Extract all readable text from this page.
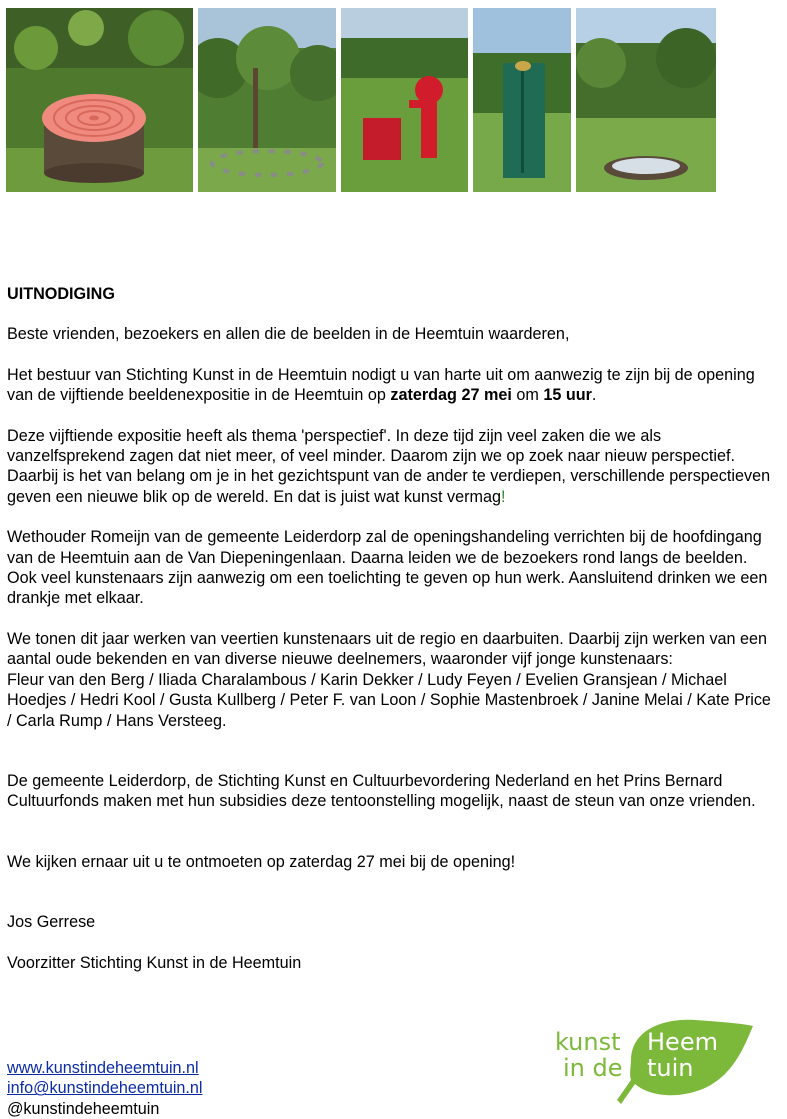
UITNODIGING

Beste vrienden, bezoekers en allen die de beelden in de Heemtuin waarderen,

Het bestuur van Stichting Kunst in de Heemtuin nodigt u van harte uit om aanwezig te zijn bij de opening van de vijftiende beeldenexpositie in de Heemtuin op zaterdag 27 mei om 15 uur.

Deze vijftiende expositie heeft als thema 'perspectief'. In deze tijd zijn veel zaken die we als vanzelfsprekend zagen dat niet meer, of veel minder. Daarom zijn we op zoek naar nieuw perspectief. Daarbij is het van belang om je in het gezichtspunt van de ander te verdiepen, verschillende perspectieven geven een nieuwe blik op de wereld. En dat is juist wat kunst vermag!

Wethouder Romeijn van de gemeente Leiderdorp zal de openingshandeling verrichten bij de hoofdingang van de Heemtuin aan de Van Diepeningenlaan. Daarna leiden we de bezoekers rond langs de beelden. Ook veel kunstenaars zijn aanwezig om een toelichting te geven op hun werk. Aansluitend drinken we een drankje met elkaar.

We tonen dit jaar werken van veertien kunstenaars uit de regio en daarbuiten. Daarbij zijn werken van een aantal oude bekenden en van diverse nieuwe deelnemers, waaronder vijf jonge kunstenaars:

Fleur van den Berg / Iliada Charalambous / Karin Dekker / Ludy Feyen / Evelien Gransjean / Michael Hoedjes / Hedri Kool / Gusta Kullberg / Peter F. van Loon / Sophie Mastenbroek / Janine Melai / Kate Price / Carla Rump / Hans Versteeg.

De gemeente Leiderdorp, de Stichting Kunst en Cultuurbevordering Nederland en het Prins Bernard Cultuurfonds maken met hun subsidies deze tentoonstelling mogelijk, naast de steun van onze vrienden.

We kijken ernaar uit u te ontmoeten op zaterdag 27 mei bij de opening!

Jos Gerrese

Voorzitter Stichting Kunst in de Heemtuin

www.kunstindeheemtuin.nl
info@kunstindeheemtuin.nl
@kunstindeheemtuin
kunst
in de
Heem
tuin
